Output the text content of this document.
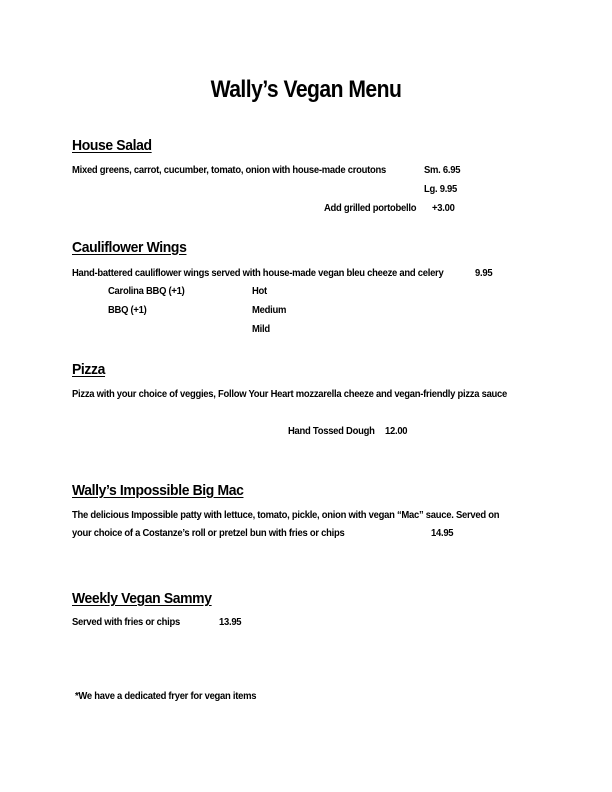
Wally’s Vegan Menu
House Salad
Mixed greens, carrot, cucumber, tomato, onion with house-made croutons	Sm. 6.95
Lg. 9.95
Add grilled portobello +3.00
Cauliflower Wings
Hand-battered cauliflower wings served with house-made vegan bleu cheeze and celery	9.95
Carolina BBQ (+1)
BBQ (+1)
Hot
Medium
Mild
Pizza
Pizza with your choice of veggies, Follow Your Heart mozzarella cheeze and vegan-friendly pizza sauce
Hand Tossed Dough 12.00
Wally’s Impossible Big Mac
The delicious Impossible patty with lettuce, tomato, pickle, onion with vegan “Mac” sauce. Served on
your choice of a Costanze’s roll or pretzel bun with fries or chips	14.95
Weekly Vegan Sammy
Served with fries or chips	13.95
*We have a dedicated fryer for vegan items
